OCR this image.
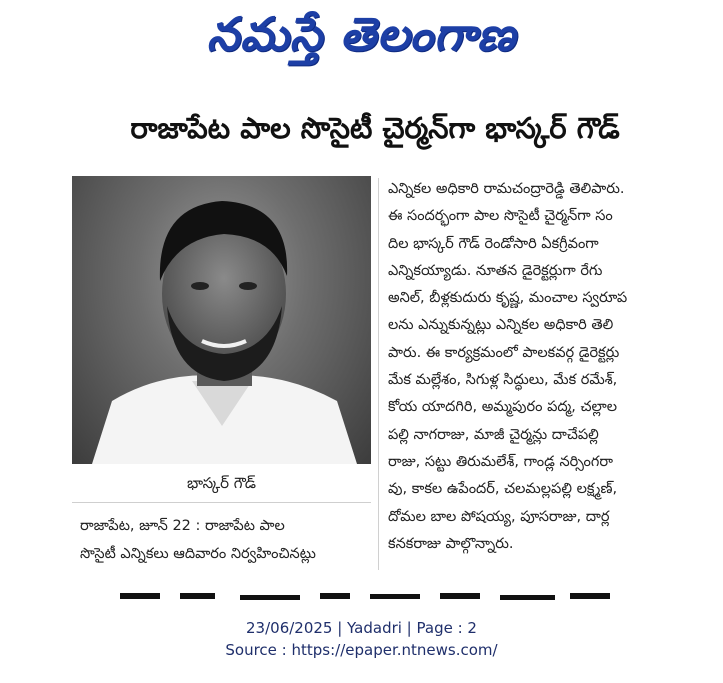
నమస్తే తెలంగాణ
రాజాపేట పాల సొసైటీ చైర్మన్‌గా భాస్కర్ గౌడ్
భాస్కర్ గౌడ్
రాజాపేట, జూన్ 22 : రాజాపేట పాల
సొసైటీ ఎన్నికలు ఆదివారం నిర్వహించినట్లు
ఎన్నికల అధికారి రామచంద్రారెడ్డి తెలిపారు.
ఈ సందర్భంగా పాల సొసైటీ చైర్మన్‌గా సం
దిల భాస్కర్ గౌడ్ రెండోసారి ఏకగ్రీవంగా
ఎన్నికయ్యాడు. నూతన డైరెక్టర్లుగా రేగు
అనిల్, బీళ్లకుదురు కృష్ణ, మంచాల స్వరూప
లను ఎన్నుకున్నట్లు ఎన్నికల అధికారి తెలి
పారు. ఈ కార్యక్రమంలో పాలకవర్గ డైరెక్టర్లు
మేక మల్లేశం, సిగుళ్ల సిద్ధులు, మేక రమేశ్,
కోయ యాదగిరి, అమ్మపురం పద్మ, చల్లాల
పల్లి నాగరాజు, మాజీ చైర్మన్లు దాచేపల్లి
రాజు, సట్టు తిరుమలేశ్, గాండ్ల నర్సింగరా
వు, కాకల ఉపేందర్, చలమల్లపల్లి లక్ష్మణ్,
దోమల బాల పోషయ్య, పూసరాజు, దార్ల
కనకరాజు పాల్గొన్నారు.
23/06/2025 | Yadadri | Page : 2
Source : https://epaper.ntnews.com/
